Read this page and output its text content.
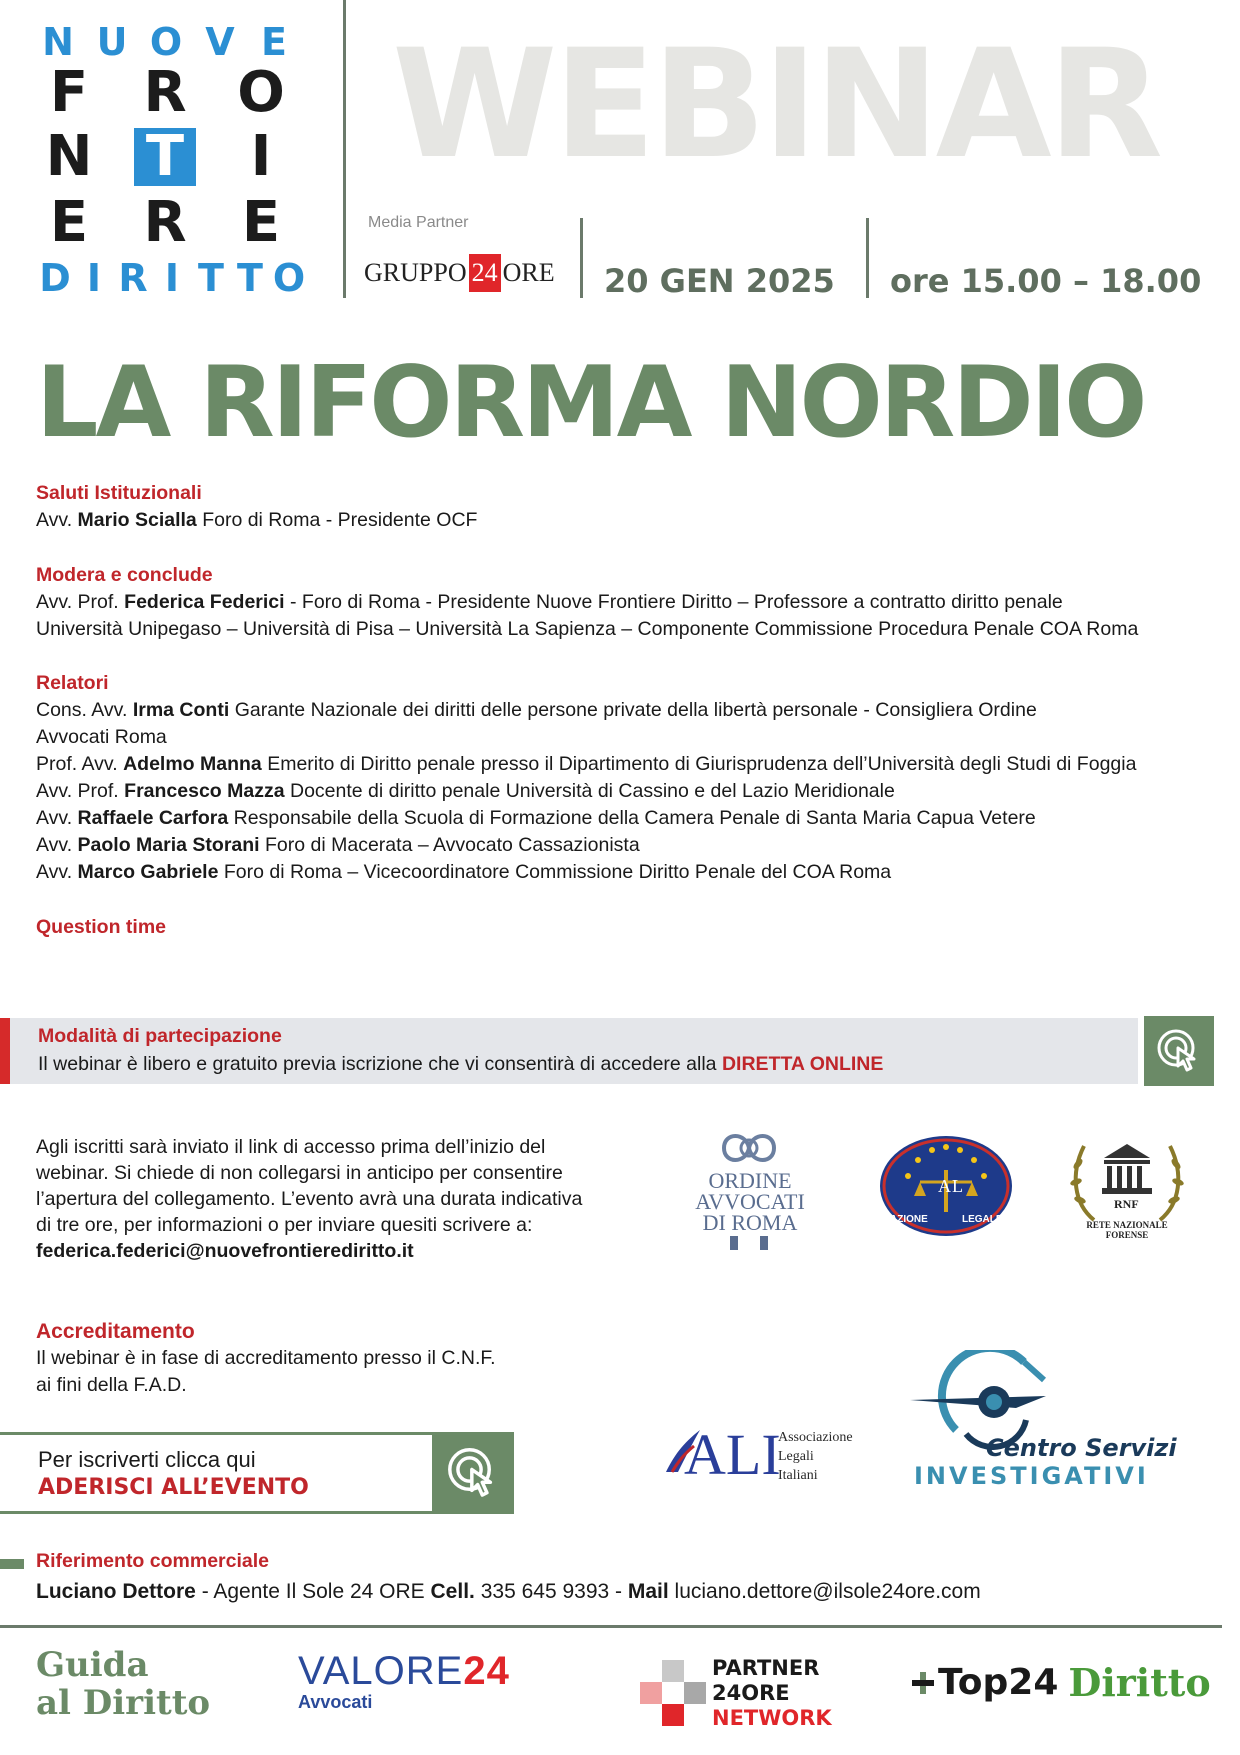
N U O V E
F R O
N T	I
E R E
D I R I T T O
WEBINAR
Media Partner
GRUPPO 24 ORE 20 GEN 2025 ore 15.00 – 18.00
LA RIFORMA NORDIO
Saluti Istituzionali
Avv. Mario Scialla Foro di Roma - Presidente OCF
Modera e conclude
Avv. Prof. Federica Federici - Foro di Roma - Presidente Nuove Frontiere Diritto – Professore a contratto diritto penale
Università Unipegaso – Università di Pisa – Università La Sapienza – Componente Commissione Procedura Penale COA Roma
Relatori
Cons. Avv. Irma Conti Garante Nazionale dei diritti delle persone private della libertà personale - Consigliera Ordine
Avvocati Roma
Prof. Avv. Adelmo Manna Emerito di Diritto penale presso il Dipartimento di Giurisprudenza dell’Università degli Studi di Foggia
Avv. Prof. Francesco Mazza Docente di diritto penale Università di Cassino e del Lazio Meridionale
Avv. Raffaele Carfora Responsabile della Scuola di Formazione della Camera Penale di Santa Maria Capua Vetere
Avv. Paolo Maria Storani Foro di Macerata – Avvocato Cassazionista
Avv. Marco Gabriele Foro di Roma – Vicecoordinatore Commissione Diritto Penale del COA Roma
Question time
Modalità di partecipazione
Il webinar è libero e gratuito previa iscrizione che vi consentirà di accedere alla DIRETTA ONLINE
Agli iscritti sarà inviato il link di accesso prima dell’inizio del
webinar. Si chiede di non collegarsi in anticipo per consentire
l’apertura del collegamento. L’evento avrà una durata indicativa
di tre ore, per informazioni o per inviare quesiti scrivere a:
federica.federici@nuovefrontierediritto.it
ORDINE
AVVOCATI
DI ROMA
A L
AZIONE	LEGALE
RNF
RETE NAZIONALE FORENSE
Accreditamento
Il webinar è in fase di accreditamento presso il C.N.F.
ai fini della F.A.D.
ALI
Associazione
Legali
Italiani
Centro Servizi
INVESTIGATIVI
Per iscriverti clicca qui
ADERISCI ALL’EVENTO
Riferimento commerciale
Luciano Dettore - Agente Il Sole 24 ORE Cell. 335 645 9393 - Mail luciano.dettore@ilsole24ore.com
Guida
al Diritto
VALORE24
Avvocati
PARTNER
24ORE
NETWORK
Top24 Diritto
